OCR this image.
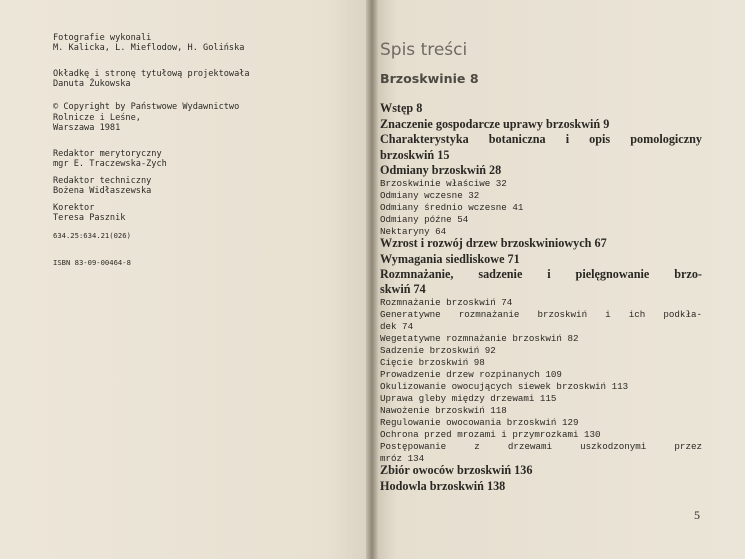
Fotografie wykonali
M. Kalicka, L. Mieflodow, H. Golińska
Okładkę i stronę tytułową projektowała
Danuta Żukowska
© Copyright by Państwowe Wydawnictwo
Rolnicze i Leśne,
Warszawa 1981
Redaktor merytoryczny
mgr E. Traczewska-Zych
Redaktor techniczny
Bożena Widłaszewska
Korektor
Teresa Pasznik
634.25:634.21(026)
ISBN 83-09-00464-8
Spis treści
Brzoskwinie 8
Wstęp 8
Znaczenie gospodarcze uprawy brzoskwiń 9
Charakterystyka botaniczna i opis pomologiczny
brzoskwiń 15
Odmiany brzoskwiń 28
Brzoskwinie właściwe 32
Odmiany wczesne 32
Odmiany średnio wczesne 41
Odmiany późne 54
Nektaryny 64
Wzrost i rozwój drzew brzoskwiniowych 67
Wymagania siedliskowe 71
Rozmnażanie, sadzenie i pielęgnowanie brzo-
skwiń 74
Rozmnażanie brzoskwiń 74
Generatywne rozmnażanie brzoskwiń i ich podkła-
dek 74
Wegetatywne rozmnażanie brzoskwiń 82
Sadzenie brzoskwiń 92
Cięcie brzoskwiń 98
Prowadzenie drzew rozpinanych 109
Okulizowanie owocujących siewek brzoskwiń 113
Uprawa gleby między drzewami 115
Nawożenie brzoskwiń 118
Regulowanie owocowania brzoskwiń 129
Ochrona przed mrozami i przymrozkami 130
Postępowanie z drzewami uszkodzonymi przez
mróz 134
Zbiór owoców brzoskwiń 136
Hodowla brzoskwiń 138
5
